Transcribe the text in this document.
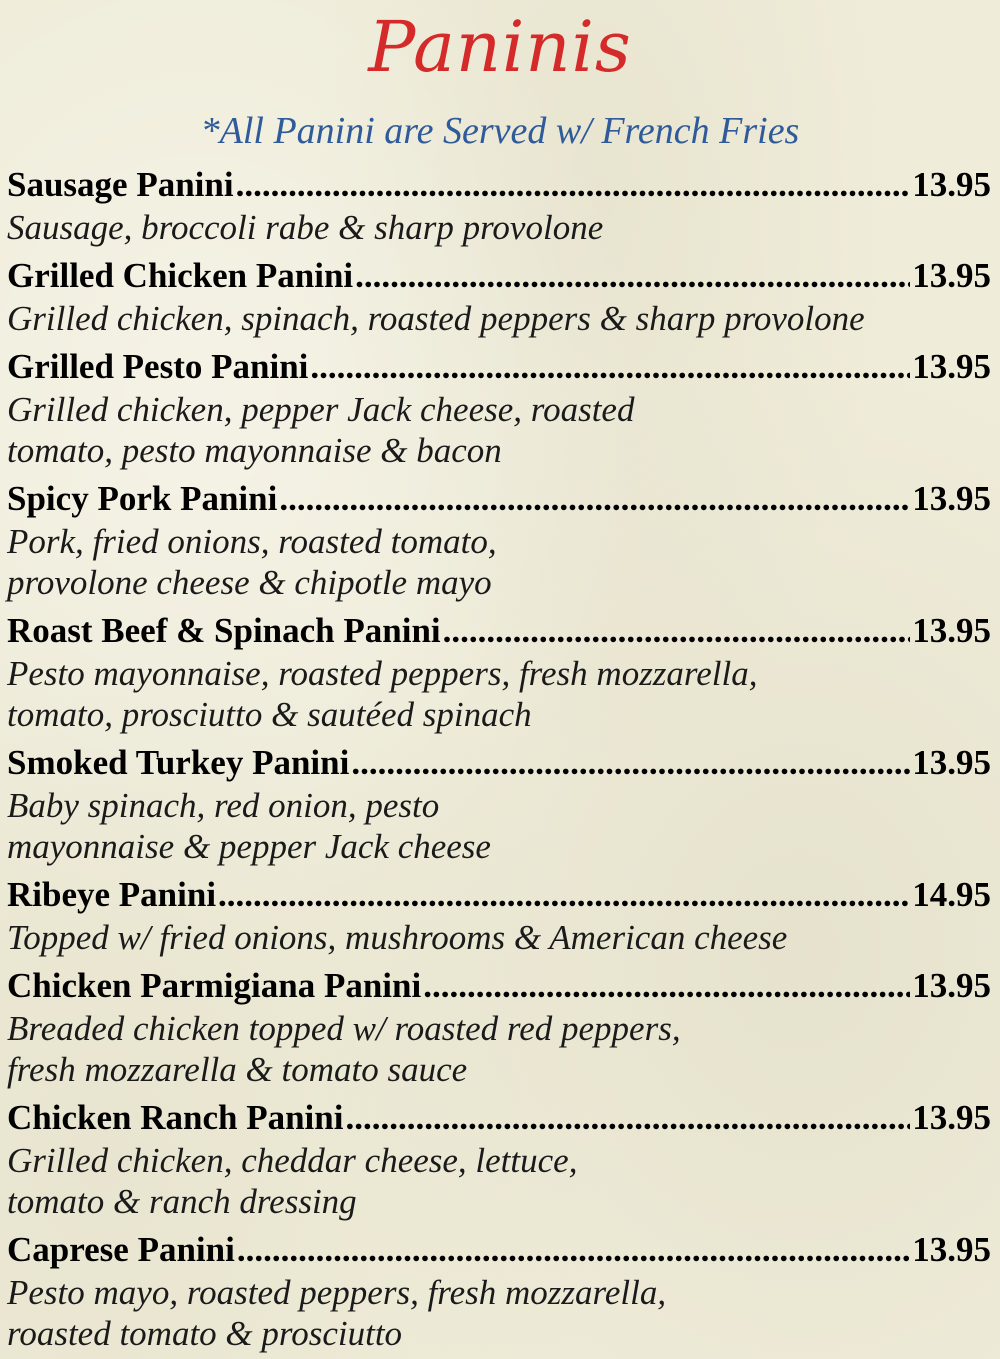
Paninis
*All Panini are Served w/ French Fries
Sausage Panini .....	13.95
Sausage, broccoli rabe & sharp provolone
Grilled Chicken Panini .....	13.95
Grilled chicken, spinach, roasted peppers & sharp provolone
Grilled Pesto Panini .....	13.95
Grilled chicken, pepper Jack cheese, roasted
tomato, pesto mayonnaise & bacon
Spicy Pork Panini .....	13.95
Pork, fried onions, roasted tomato,
provolone cheese & chipotle mayo
Roast Beef & Spinach Panini .....	13.95
Pesto mayonnaise, roasted peppers, fresh mozzarella,
tomato, prosciutto & sautéed spinach
Smoked Turkey Panini .....	13.95
Baby spinach, red onion, pesto
mayonnaise & pepper Jack cheese
Ribeye Panini .....	14.95
Topped w/ fried onions, mushrooms & American cheese
Chicken Parmigiana Panini .....	13.95
Breaded chicken topped w/ roasted red peppers,
fresh mozzarella & tomato sauce
Chicken Ranch Panini .....	13.95
Grilled chicken, cheddar cheese, lettuce,
tomato & ranch dressing
Caprese Panini .....	13.95
Pesto mayo, roasted peppers, fresh mozzarella,
roasted tomato & prosciutto
